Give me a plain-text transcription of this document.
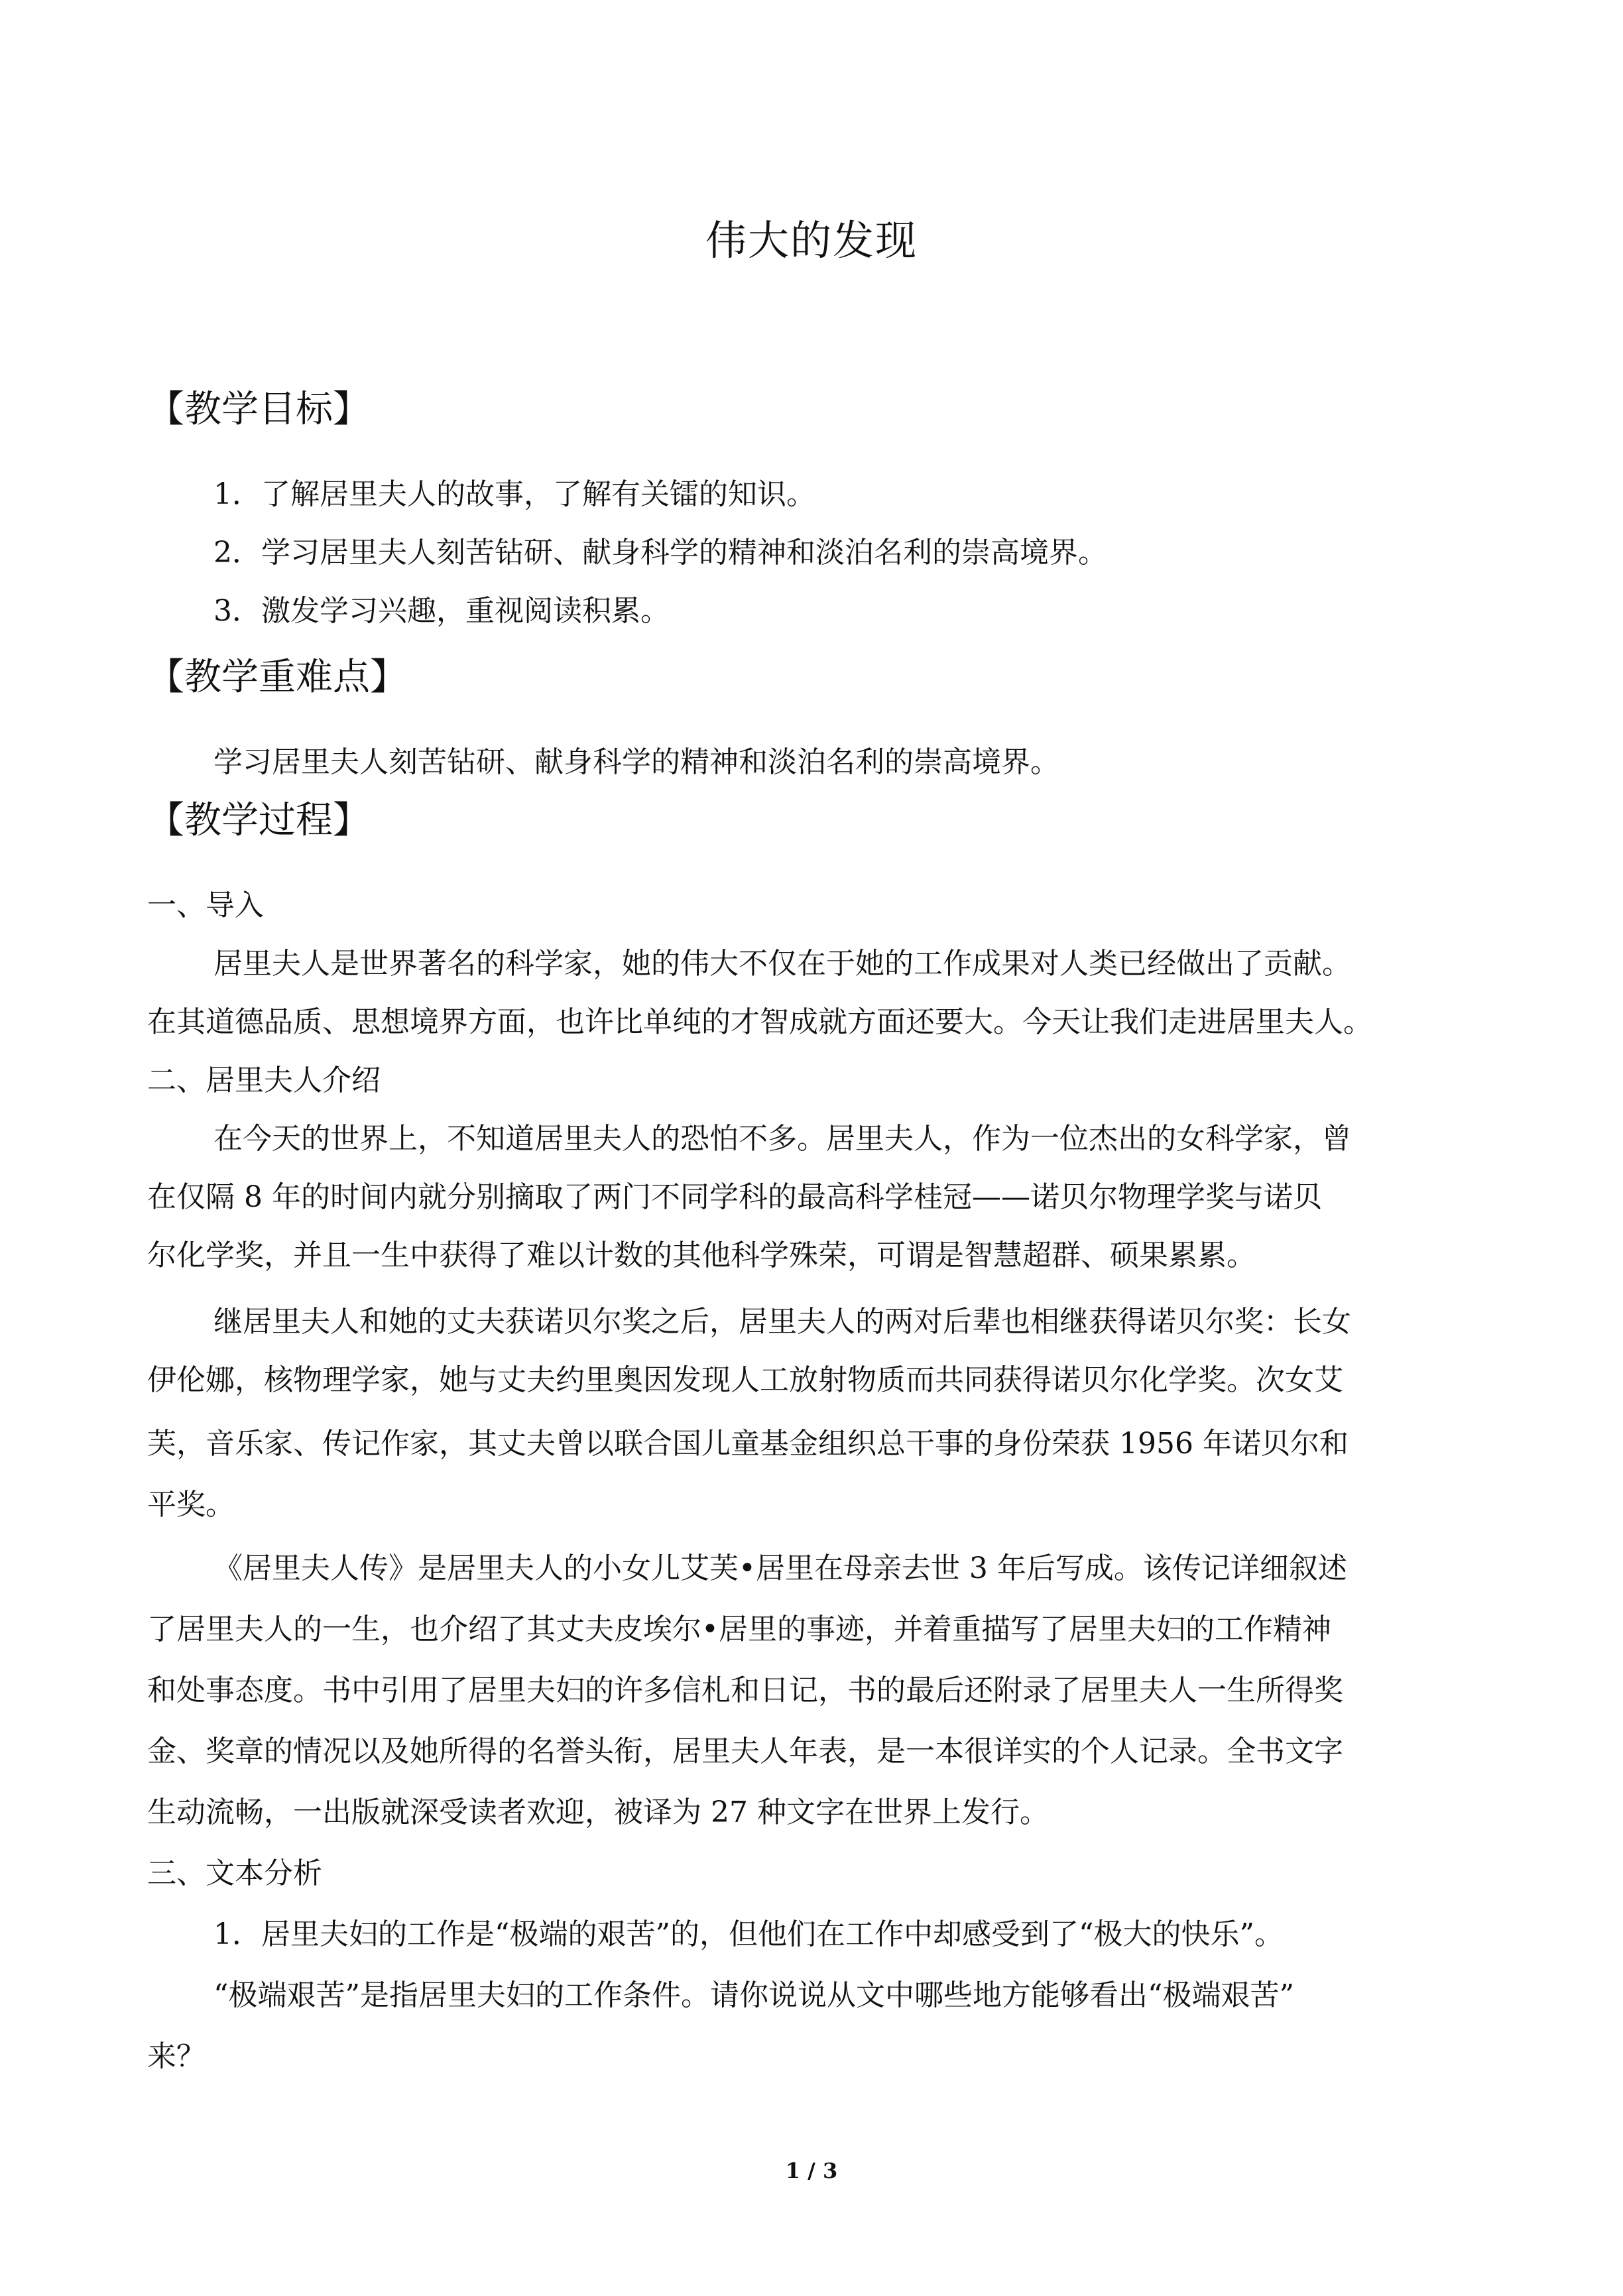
伟大的发现
【教学目标】
1．了解居里夫人的故事，了解有关镭的知识。
2．学习居里夫人刻苦钻研、献身科学的精神和淡泊名利的崇高境界。
3．激发学习兴趣，重视阅读积累。
【教学重难点】
学习居里夫人刻苦钻研、献身科学的精神和淡泊名利的崇高境界。
【教学过程】
一、导入
居里夫人是世界著名的科学家，她的伟大不仅在于她的工作成果对人类已经做出了贡献。
在其道德品质、思想境界方面，也许比单纯的才智成就方面还要大。今天让我们走进居里夫人。
二、居里夫人介绍
在今天的世界上，不知道居里夫人的恐怕不多。居里夫人，作为一位杰出的女科学家，曾
在仅隔 8 年的时间内就分别摘取了两门不同学科的最高科学桂冠——诺贝尔物理学奖与诺贝
尔化学奖，并且一生中获得了难以计数的其他科学殊荣，可谓是智慧超群、硕果累累。
继居里夫人和她的丈夫获诺贝尔奖之后，居里夫人的两对后辈也相继获得诺贝尔奖：长女
伊伦娜，核物理学家，她与丈夫约里奥因发现人工放射物质而共同获得诺贝尔化学奖。次女艾
芙，音乐家、传记作家，其丈夫曾以联合国儿童基金组织总干事的身份荣获 1956 年诺贝尔和
平奖。
《居里夫人传》是居里夫人的小女儿艾芙•居里在母亲去世 3 年后写成。该传记详细叙述
了居里夫人的一生，也介绍了其丈夫皮埃尔•居里的事迹，并着重描写了居里夫妇的工作精神
和处事态度。书中引用了居里夫妇的许多信札和日记，书的最后还附录了居里夫人一生所得奖
金、奖章的情况以及她所得的名誉头衔，居里夫人年表，是一本很详实的个人记录。全书文字
生动流畅，一出版就深受读者欢迎，被译为 27 种文字在世界上发行。
三、文本分析
1．居里夫妇的工作是“极端的艰苦”的，但他们在工作中却感受到了“极大的快乐”。
“极端艰苦”是指居里夫妇的工作条件。请你说说从文中哪些地方能够看出“极端艰苦”
来？
1 / 3
